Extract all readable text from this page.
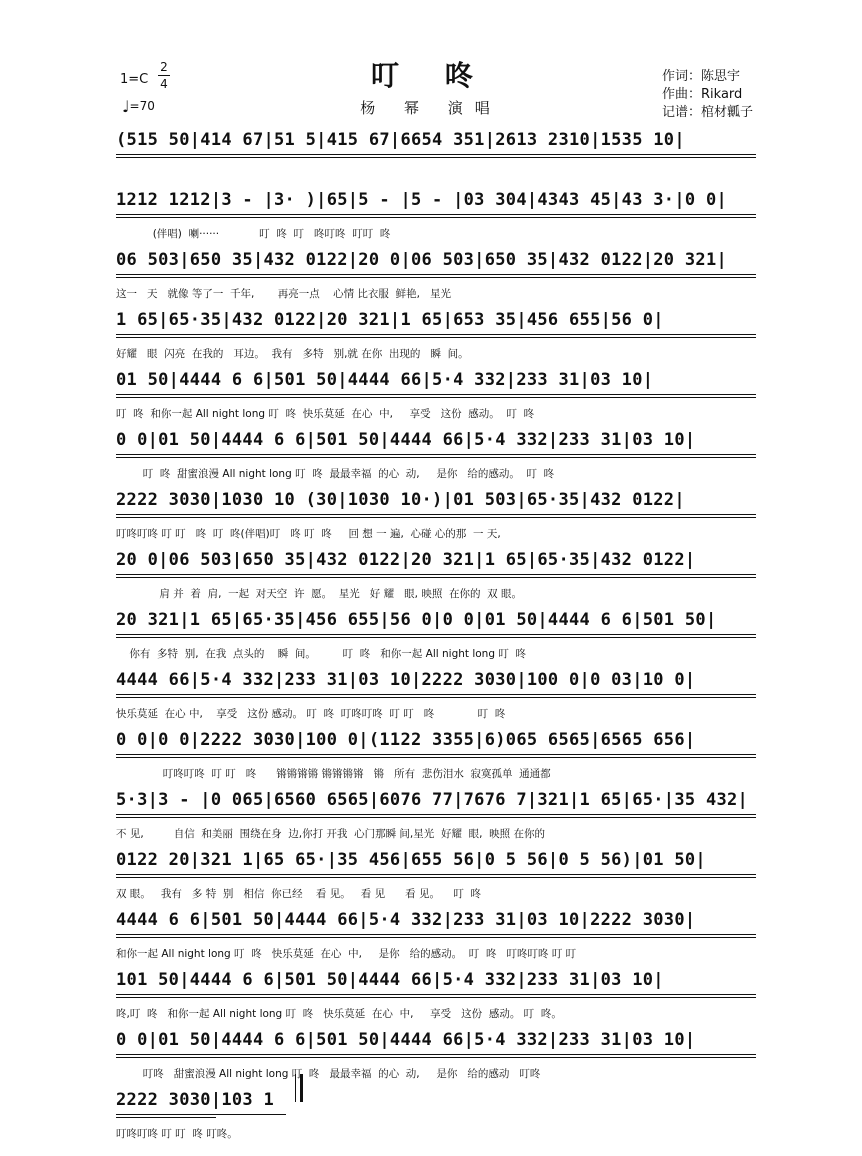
1=C
2
4
♩=70
叮 咚
杨 幂 演唱
作词：陈思宇
作曲：Rikard
记谱：棺材瓤子
(515 50|414 67|51 5|415 67|6654 351|2613 2310|1535 10|
1212 1212|3 - |3· )|65|5 - |5 - |03 304|4343 45|43 3·|0 0|
(伴唱)  喇······            叮  咚  叮   咚叮咚  叮叮  咚
06 503|650 35|432 0122|20 0|06 503|650 35|432 0122|20 321|
这一   天   就像 等了一  千年,       再亮一点    心情 比衣服  鲜艳,   星光
1 65|65·35|432 0122|20 321|1 65|653 35|456 655|56 0|
好耀   眼  闪亮  在我的   耳边。  我有   多特   别,就 在你  出现的   瞬  间。
01 50|4444 6 6|501 50|4444 66|5·4 332|233 31|03 10|
叮  咚  和你一起 All night long 叮  咚  快乐莫延  在心  中,     享受   这份  感动。  叮  咚
0 0|01 50|4444 6 6|501 50|4444 66|5·4 332|233 31|03 10|
叮  咚  甜蜜浪漫 All night long 叮  咚  最最幸福  的心  动,     是你   给的感动。  叮  咚
2222 3030|1030 10 (30|1030 10·)|01 503|65·35|432 0122|
叮咚叮咚 叮 叮   咚  叮  咚(伴唱)叮   咚 叮  咚     回 想 一 遍,  心碰 心的那  一 天,
20 0|06 503|650 35|432 0122|20 321|1 65|65·35|432 0122|
肩 并  着  肩,  一起  对天空  许  愿。  星光   好 耀   眼, 映照  在你的  双 眼。
20 321|1 65|65·35|456 655|56 0|0 0|01 50|4444 6 6|501 50|
你有  多特  别,  在我  点头的    瞬  间。        叮  咚   和你一起 All night long 叮  咚
4444 66|5·4 332|233 31|03 10|2222 3030|100 0|0 03|10 0|
快乐莫延  在心 中,    享受   这份 感动。 叮  咚  叮咚叮咚  叮 叮   咚             叮  咚
0 0|0 0|2222 3030|100 0|(1122 3355|6)065 6565|6565 656|
叮咚叮咚  叮 叮   咚      锵锵锵锵 锵锵锵锵   锵   所有  悲伤泪水  寂寞孤单  通通都
5·3|3 - |0 065|6560 6565|6076 77|7676 7|321|1 65|65·|35 432|
不 见,         自信  和美丽  围绕在身  边,你打 开我  心门那瞬 间,星光  好耀  眼,  映照 在你的
0122 20|321 1|65 65·|35 456|655 56|0 5 56|0 5 56)|01 50|
双 眼。   我有   多 特  别   相信  你已经    看 见。   看 见      看 见。    叮  咚
4444 6 6|501 50|4444 66|5·4 332|233 31|03 10|2222 3030|
和你一起 All night long 叮  咚   快乐莫延  在心  中,     是你   给的感动。  叮  咚   叮咚叮咚 叮 叮
101 50|4444 6 6|501 50|4444 66|5·4 332|233 31|03 10|
咚,叮  咚   和你一起 All night long 叮  咚   快乐莫延  在心  中,     享受   这份  感动。 叮  咚。
0 0|01 50|4444 6 6|501 50|4444 66|5·4 332|233 31|03 10|
叮咚   甜蜜浪漫 All night long 叮  咚   最最幸福  的心  动,     是你   给的感动   叮咚
2222 3030|103 1
叮咚叮咚 叮 叮  咚 叮咚。
